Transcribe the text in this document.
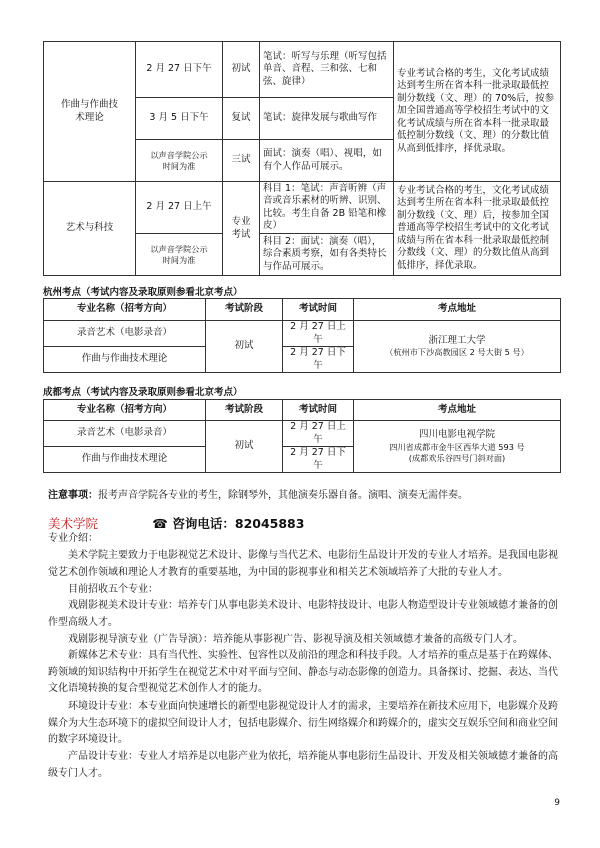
作曲与作曲技术理论	2 月 27 日下午	初试	笔试：听写与乐理（听写包括单音、音程、三和弦、七和弦、旋律）	专业考试合格的考生，文化考试成绩达到考生所在省本科一批录取最低控制分数线（文、理）的 70%后，按参加全国普通高等学校招生考试中的文化考试成绩与所在省本科一批录取最低控制分数线（文、理）的分数比值从高到低排序，择优录取。
	3 月 5 日下午	复试	笔试：旋律发展与歌曲写作	
	以声音学院公示时间为准	三试	面试：演奏（唱）、视唱，如有个人作品可展示。	
艺术与科技	2 月 27 日上午	专业考试	科目 1：笔试：声音听辨（声音或音乐素材的听辨、识别、比较。考生自备 2B 铅笔和橡皮）	专业考试合格的考生，文化考试成绩达到考生所在省本科一批录取最低控制分数线（文、理）后，按参加全国普通高等学校招生考试中的文化考试成绩与所在省本科一批录取最低控制分数线（文、理）的分数比值从高到低排序，择优录取。
	以声音学院公示时间为准		科目 2：面试：演奏（唱），综合素质考察，如有各类特长与作品可展示。	
杭州考点（考试内容及录取原则参看北京考点）
专业名称（招考方向）	考试阶段	考试时间	考点地址
录音艺术（电影录音）	初试	2 月 27 日上午	浙江理工大学
（杭州市下沙高教园区 2 号大街 5 号）

作曲与作曲技术理论		2 月 27 日下午	
成都考点（考试内容及录取原则参看北京考点）
专业名称（招考方向）	考试阶段	考试时间	考点地址
录音艺术（电影录音）	初试	2 月 27 日上午	四川电影电视学院
四川省成都市金牛区西华大道 593 号
(成都欢乐谷四号门斜对面)

作曲与作曲技术理论		2 月 27 日下午	
注意事项：报考声音学院各专业的考生，除钢琴外，其他演奏乐器自备。演唱、演奏无需伴奏。
美术学院	☎ 咨询电话：82045883

专业介绍：

美术学院主要致力于电影视觉艺术设计、影像与当代艺术、电影衍生品设计开发的专业人才培养。是我国电影视觉艺术创作领域和理论人才教育的重要基地，为中国的影视事业和相关艺术领域培养了大批的专业人才。

目前招收五个专业：

戏剧影视美术设计专业：培养专门从事电影美术设计、电影特技设计、电影人物造型设计专业领域德才兼备的创作型高级人才。

戏剧影视导演专业（广告导演）：培养能从事影视广告、影视导演及相关领域德才兼备的高级专门人才。

新媒体艺术专业：具有当代性、实验性、包容性以及前沿的理念和科技手段。人才培养的重点是基于在跨媒体、跨领域的知识结构中开拓学生在视觉艺术中对平面与空间、静态与动态影像的创造力。具备探讨、挖掘、表达、当代文化语境转换的复合型视觉艺术创作人才的能力。

环境设计专业：本专业面向快速增长的新型电影视觉设计人才的需求，主要培养在新技术应用下，电影媒介及跨媒介为大生态环境下的虚拟空间设计人才，包括电影媒介、衍生网络媒介和跨媒介的，虚实交互娱乐空间和商业空间的数字环境设计。

产品设计专业：专业人才培养是以电影产业为依托，培养能从事电影衍生品设计、开发及相关领域德才兼备的高级专门人才。

9
